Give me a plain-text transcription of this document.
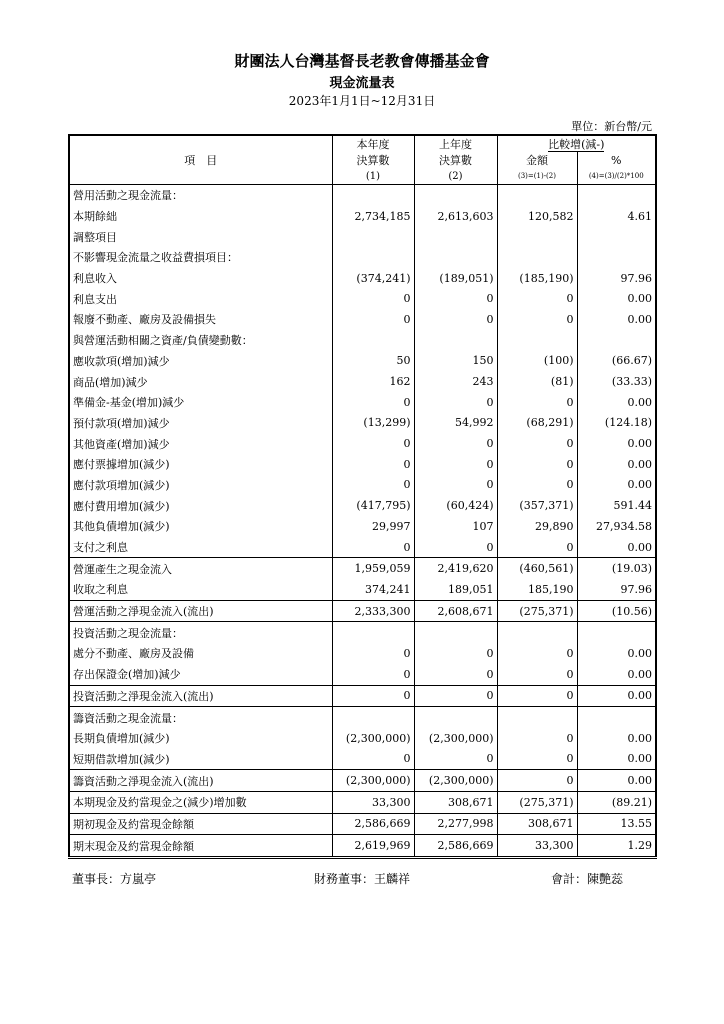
財團法人台灣基督長老教會傳播基金會
現金流量表
2023年1月1日~12月31日
單位：新台幣/元
項　目	本年度	上年度	比較增(減-)	
	決算數	決算數	金額	%
	(1)	(2)	(3)=(1)-(2)	(4)=(3)/(2)*100
營用活動之現金流量：				
本期餘絀	2,734,185	2,613,603	120,582	4.61
調整項目				
不影響現金流量之收益費損項目：				
利息收入	(374,241)	(189,051)	(185,190)	97.96
利息支出	0	0	0	0.00
報廢不動產、廠房及設備損失	0	0	0	0.00
與營運活動相關之資產/負債變動數：				
應收款項(增加)減少	50	150	(100)	(66.67)
商品(增加)減少	162	243	(81)	(33.33)
準備金-基金(增加)減少	0	0	0	0.00
預付款項(增加)減少	(13,299)	54,992	(68,291)	(124.18)
其他資產(增加)減少	0	0	0	0.00
應付票據增加(減少)	0	0	0	0.00
應付款項增加(減少)	0	0	0	0.00
應付費用增加(減少)	(417,795)	(60,424)	(357,371)	591.44
其他負債增加(減少)	29,997	107	29,890	27,934.58
支付之利息	0	0	0	0.00
營運產生之現金流入	1,959,059	2,419,620	(460,561)	(19.03)
收取之利息	374,241	189,051	185,190	97.96
營運活動之淨現金流入(流出)	2,333,300	2,608,671	(275,371)	(10.56)
投資活動之現金流量：				
處分不動產、廠房及設備	0	0	0	0.00
存出保證金(增加)減少	0	0	0	0.00
投資活動之淨現金流入(流出)	0	0	0	0.00
籌資活動之現金流量：				
長期負債增加(減少)	(2,300,000)	(2,300,000)	0	0.00
短期借款增加(減少)	0	0	0	0.00
籌資活動之淨現金流入(流出)	(2,300,000)	(2,300,000)	0	0.00
本期現金及約當現金之(減少)增加數	33,300	308,671	(275,371)	(89.21)
期初現金及約當現金餘額	2,586,669	2,277,998	308,671	13.55
期末現金及約當現金餘額	2,619,969	2,586,669	33,300	1.29
董事長：方嵐亭	財務董事：王麟祥	會計：陳艷蕊
